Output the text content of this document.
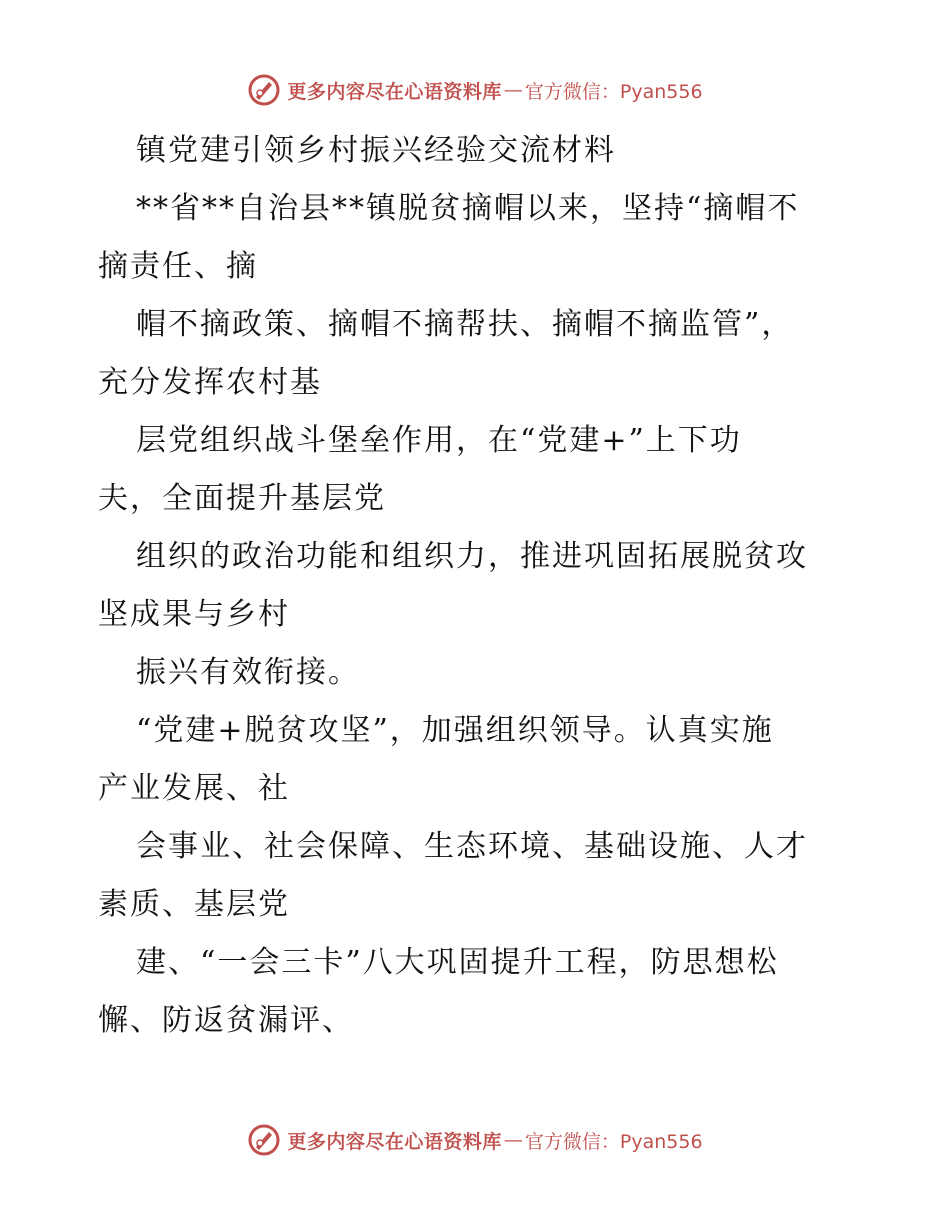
更多内容尽在心语资料库 — 官方微信：Pyan556
镇党建引领乡村振兴经验交流材料
**省**自治县**镇脱贫摘帽以来，坚持“摘帽不
摘责任、摘
帽不摘政策、摘帽不摘帮扶、摘帽不摘监管”，
充分发挥农村基
层党组织战斗堡垒作用，在“党建+”上下功
夫，全面提升基层党
组织的政治功能和组织力，推进巩固拓展脱贫攻
坚成果与乡村
振兴有效衔接。
“党建+脱贫攻坚”，加强组织领导。认真实施
产业发展、社
会事业、社会保障、生态环境、基础设施、人才
素质、基层党
建、“一会三卡”八大巩固提升工程，防思想松
懈、防返贫漏评、
更多内容尽在心语资料库 — 官方微信：Pyan556
